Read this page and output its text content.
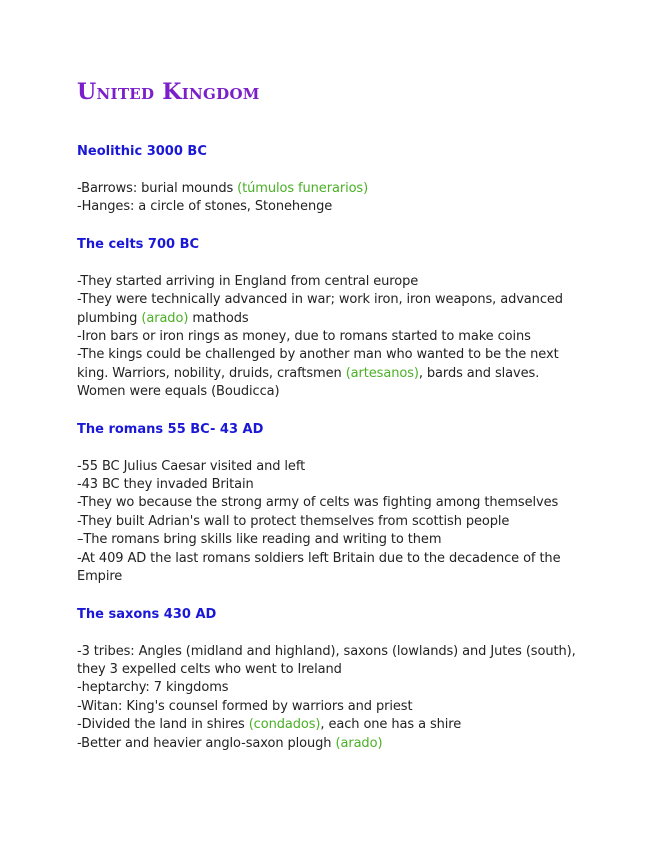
United Kingdom
Neolithic 3000 BC
-Barrows: burial mounds (túmulos funerarios)
-Hanges: a circle of stones, Stonehenge
The celts 700 BC
-They started arriving in England from central europe
-They were technically advanced in war; work iron, iron weapons, advanced
plumbing (arado) mathods
-Iron bars or iron rings as money, due to romans started to make coins
-The kings could be challenged by another man who wanted to be the next
king. Warriors, nobility, druids, craftsmen (artesanos), bards and slaves.
Women were equals (Boudicca)
The romans 55 BC- 43 AD
-55 BC Julius Caesar visited and left
-43 BC they invaded Britain
-They wo because the strong army of celts was fighting among themselves
-They built Adrian's wall to protect themselves from scottish people
–The romans bring skills like reading and writing to them
-At 409 AD the last romans soldiers left Britain due to the decadence of the
Empire
The saxons 430 AD
-3 tribes: Angles (midland and highland), saxons (lowlands) and Jutes (south),
they 3 expelled celts who went to Ireland
-heptarchy: 7 kingdoms
-Witan: King's counsel formed by warriors and priest
-Divided the land in shires (condados), each one has a shire
-Better and heavier anglo-saxon plough (arado)
